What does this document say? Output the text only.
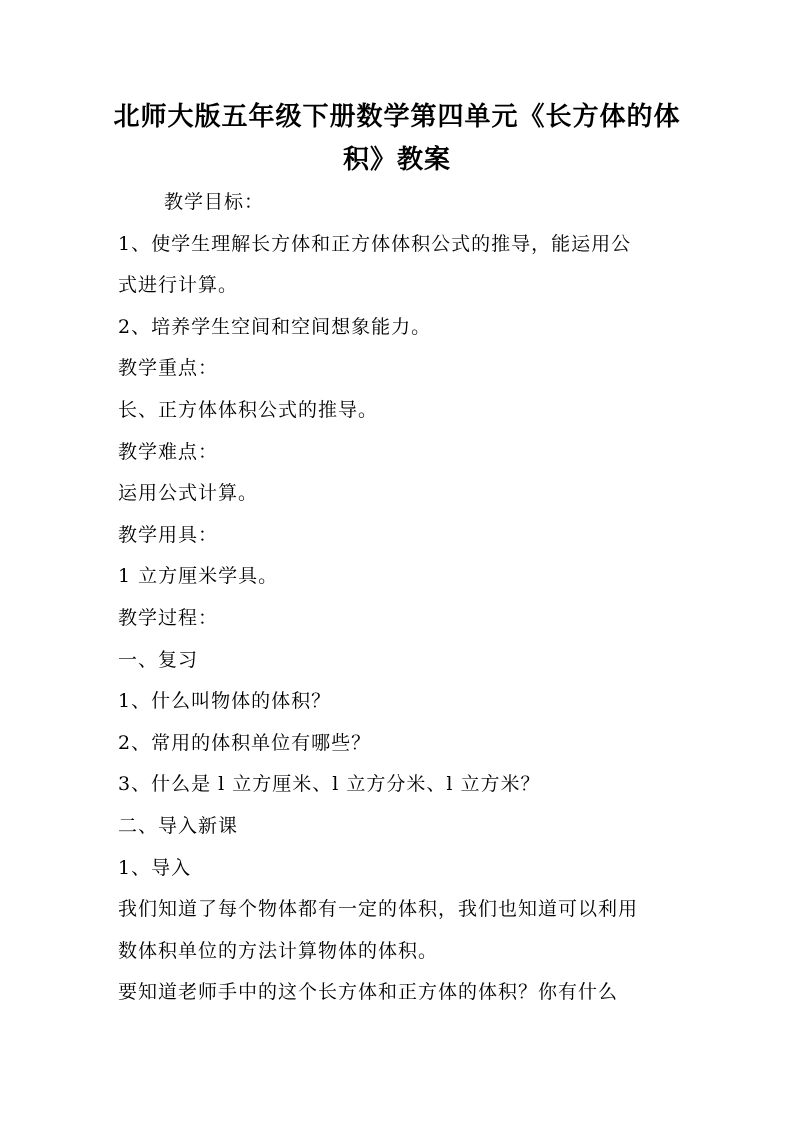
北师大版五年级下册数学第四单元《长方体的体
积》教案

教学目标：

1、使学生理解长方体和正方体体积公式的推导，能运用公

式进行计算。

2、培养学生空间和空间想象能力。

教学重点：

长、正方体体积公式的推导。

教学难点：

运用公式计算。

教学用具：

1 立方厘米学具。

教学过程：

一、复习

1、什么叫物体的体积？

2、常用的体积单位有哪些？

3、什么是 l 立方厘米、l 立方分米、l 立方米？

二、导入新课

1、导入

我们知道了每个物体都有一定的体积，我们也知道可以利用

数体积单位的方法计算物体的体积。

要知道老师手中的这个长方体和正方体的体积？你有什么
